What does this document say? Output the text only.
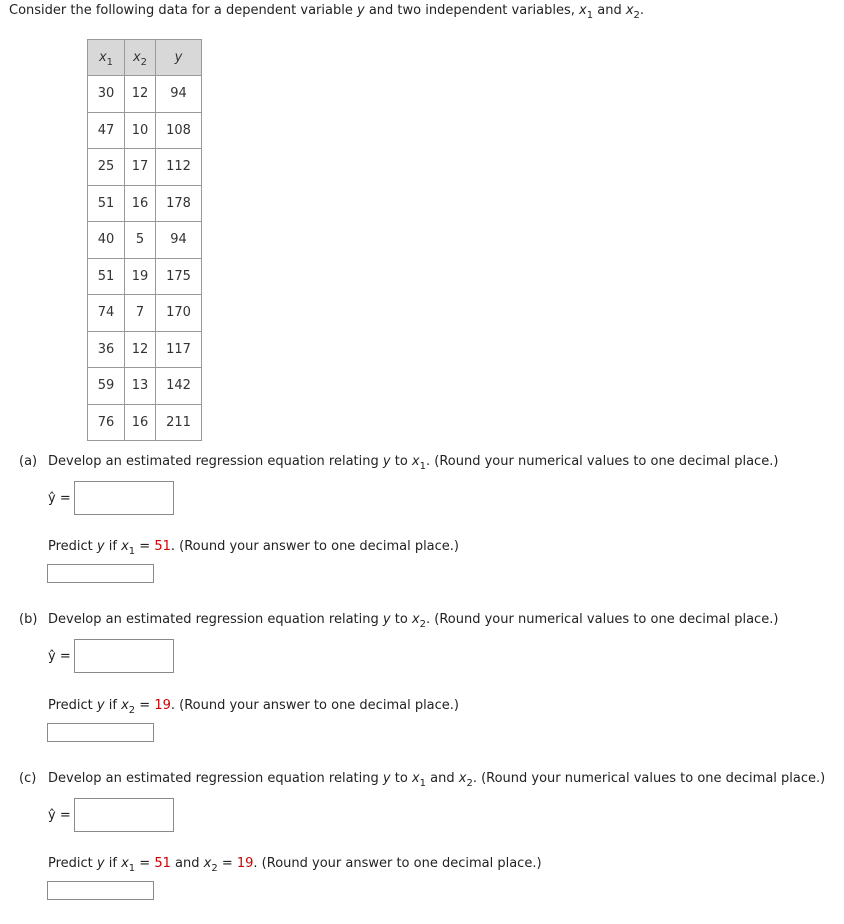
Consider the following data for a dependent variable y and two independent variables, $x_1$ and $x_2$.
$x_1$	$x_2$	y
30	12	94
47	10	108
25	17	112
51	16	178
40	5	94
51	19	175
74	7	170
36	12	117
59	13	142
76	16	211
(a) Develop an estimated regression equation relating y to $x_1$. (Round your numerical values to one decimal place.)
ŷ =
Predict y if $x_1 = 51$. (Round your answer to one decimal place.)
(b) Develop an estimated regression equation relating y to $x_2$. (Round your numerical values to one decimal place.)
ŷ =
Predict y if $x_2 = 19$. (Round your answer to one decimal place.)
(c) Develop an estimated regression equation relating y to $x_1$ and $x_2$. (Round your numerical values to one decimal place.)
ŷ =
Predict y if $x_1 = 51$ and $x_2 = 19$. (Round your answer to one decimal place.)
